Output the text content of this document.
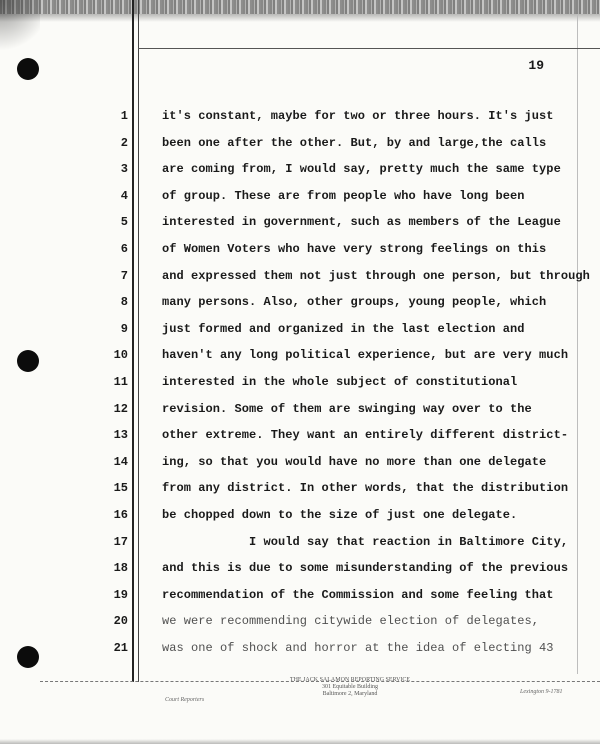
19
1
2
3
4
5
6
7
8
9
10
11
12
13
14
15
16
17
18
19
20
21
it's constant, maybe for two or three hours. It's just
been one after the other. But, by and large,the calls
are coming from, I would say, pretty much the same type
of group. These are from people who have long been
interested in government, such as members of the League
of Women Voters who have very strong feelings on this
and expressed them not just through one person, but through
many persons. Also, other groups, young people, which
just formed and organized in the last election and
haven't any long political experience, but are very much
interested in the whole subject of constitutional
revision. Some of them are swinging way over to the
other extreme. They want an entirely different district-
ing, so that you would have no more than one delegate
from any district. In other words, that the distribution
be chopped down to the size of just one delegate.
I would say that reaction in Baltimore City,
and this is due to some misunderstanding of the previous
recommendation of the Commission and some feeling that
we were recommending citywide election of delegates,
was one of shock and horror at the idea of electing 43
THE JACK SALAMON REPORTING SERVICE
301 Equitable Building
Baltimore 2, Maryland
Court Reporters
Lexington 9-1781
